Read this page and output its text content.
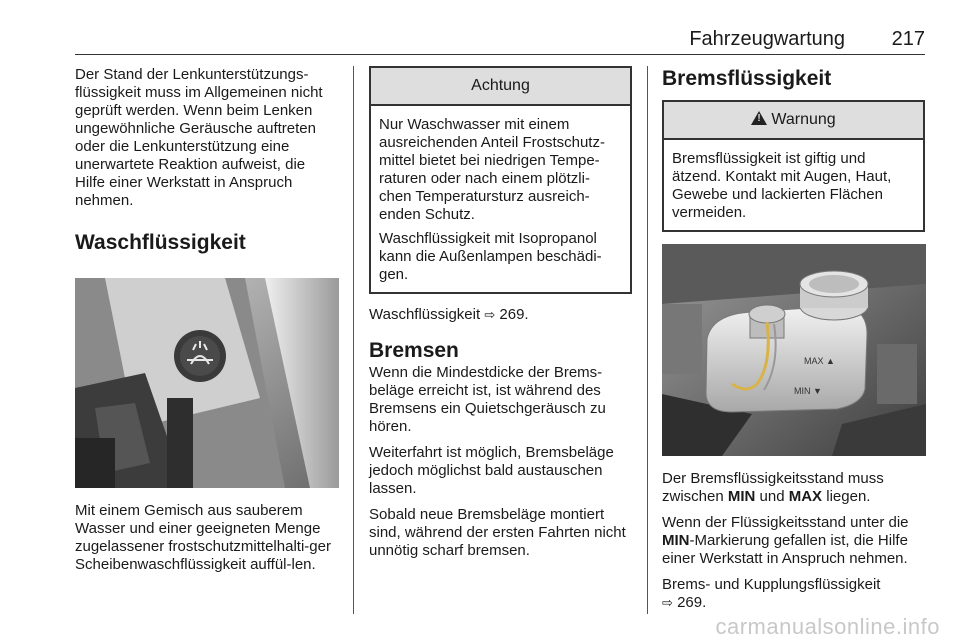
Fahrzeugwartung 217

Der Stand der Lenkunterstützungs-flüssigkeit muss im Allgemeinen nicht geprüft werden. Wenn beim Lenken ungewöhnliche Geräusche auftreten oder die Lenkunterstützung eine unerwartete Reaktion aufweist, die Hilfe einer Werkstatt in Anspruch nehmen.

Waschflüssigkeit

Mit einem Gemisch aus sauberem Wasser und einer geeigneten Menge zugelassener frostschutzmittelhalti-ger Scheibenwaschflüssigkeit auffül-len.

Achtung

Nur Waschwasser mit einem ausreichenden Anteil Frostschutz-mittel bietet bei niedrigen Tempe-raturen oder nach einem plötzli-chen Temperatursturz ausreich-enden Schutz.

Waschflüssigkeit mit Isopropanol kann die Außenlampen beschädi-gen.

Waschflüssigkeit ⇨ 269.

Bremsen

Wenn die Mindestdicke der Brems-beläge erreicht ist, ist während des Bremsens ein Quietschgeräusch zu hören.

Weiterfahrt ist möglich, Bremsbeläge jedoch möglichst bald austauschen lassen.

Sobald neue Bremsbeläge montiert sind, während der ersten Fahrten nicht unnötig scharf bremsen.

Bremsflüssigkeit
!Warnung

Bremsflüssigkeit ist giftig und ätzend. Kontakt mit Augen, Haut, Gewebe und lackierten Flächen vermeiden.

MAX ▲
MIN ▼

Der Bremsflüssigkeitsstand muss zwischen MIN und MAX liegen.

Wenn der Flüssigkeitsstand unter die MIN-Markierung gefallen ist, die Hilfe einer Werkstatt in Anspruch nehmen.

Brems- und Kupplungsflüssigkeit
⇨ 269.

carmanualsonline.info
